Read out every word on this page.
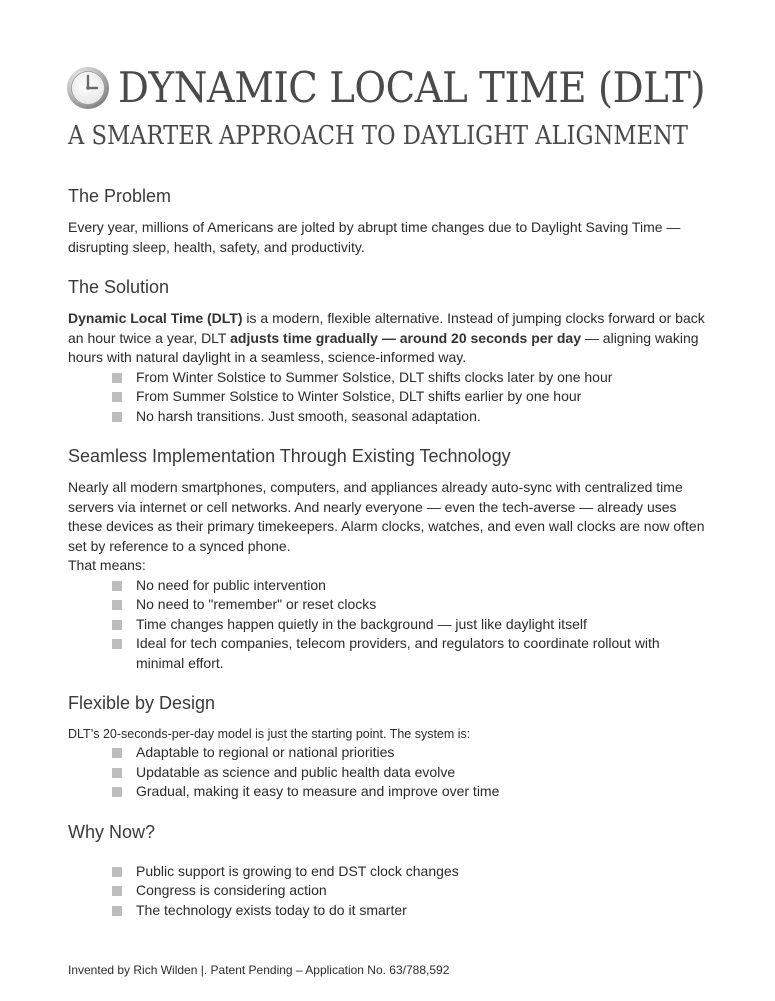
DYNAMIC LOCAL TIME (DLT)
A SMARTER APPROACH TO DAYLIGHT ALIGNMENT
The Problem

Every year, millions of Americans are jolted by abrupt time changes due to Daylight Saving Time — disrupting sleep, health, safety, and productivity.

The Solution

Dynamic Local Time (DLT) is a modern, flexible alternative. Instead of jumping clocks forward or back an hour twice a year, DLT adjusts time gradually — around 20 seconds per day — aligning waking hours with natural daylight in a seamless, science-informed way.

From Winter Solstice to Summer Solstice, DLT shifts clocks later by one hour
From Summer Solstice to Winter Solstice, DLT shifts earlier by one hour
No harsh transitions. Just smooth, seasonal adaptation.
Seamless Implementation Through Existing Technology

Nearly all modern smartphones, computers, and appliances already auto-sync with centralized time servers via internet or cell networks. And nearly everyone — even the tech-averse — already uses these devices as their primary timekeepers. Alarm clocks, watches, and even wall clocks are now often set by reference to a synced phone.

That means:

No need for public intervention
No need to "remember" or reset clocks
Time changes happen quietly in the background — just like daylight itself
Ideal for tech companies, telecom providers, and regulators to coordinate rollout with minimal effort.
Flexible by Design

DLT’s 20-seconds-per-day model is just the starting point. The system is:

Adaptable to regional or national priorities
Updatable as science and public health data evolve
Gradual, making it easy to measure and improve over time
Why Now?
Public support is growing to end DST clock changes
Congress is considering action
The technology exists today to do it smarter
Invented by Rich Wilden |. Patent Pending – Application No. 63/788,592
